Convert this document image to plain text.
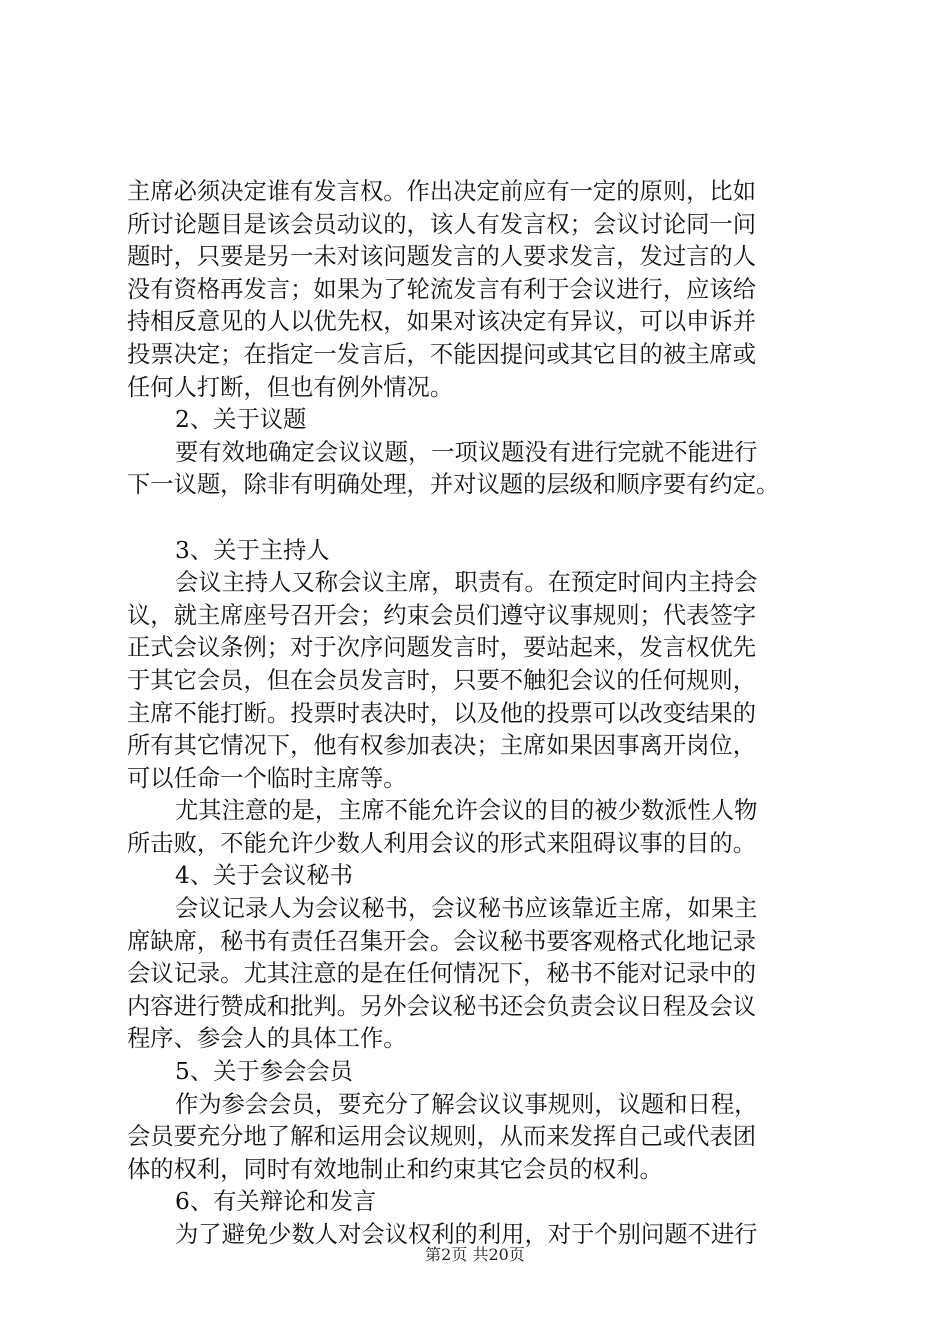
主席必须决定谁有发言权。作出决定前应有一定的原则，比如
所讨论题目是该会员动议的，该人有发言权；会议讨论同一问
题时，只要是另一未对该问题发言的人要求发言，发过言的人
没有资格再发言；如果为了轮流发言有利于会议进行，应该给
持相反意见的人以优先权，如果对该决定有异议，可以申诉并
投票决定；在指定一发言后，不能因提问或其它目的被主席或
任何人打断，但也有例外情况。
2、关于议题
要有效地确定会议议题，一项议题没有进行完就不能进行
下一议题，除非有明确处理，并对议题的层级和顺序要有约定。
3、关于主持人
会议主持人又称会议主席，职责有。在预定时间内主持会
议，就主席座号召开会；约束会员们遵守议事规则；代表签字
正式会议条例；对于次序问题发言时，要站起来，发言权优先
于其它会员，但在会员发言时，只要不触犯会议的任何规则，
主席不能打断。投票时表决时，以及他的投票可以改变结果的
所有其它情况下，他有权参加表决；主席如果因事离开岗位，
可以任命一个临时主席等。
尤其注意的是，主席不能允许会议的目的被少数派性人物
所击败，不能允许少数人利用会议的形式来阻碍议事的目的。
4、关于会议秘书
会议记录人为会议秘书，会议秘书应该靠近主席，如果主
席缺席，秘书有责任召集开会。会议秘书要客观格式化地记录
会议记录。尤其注意的是在任何情况下，秘书不能对记录中的
内容进行赞成和批判。另外会议秘书还会负责会议日程及会议
程序、参会人的具体工作。
5、关于参会会员
作为参会会员，要充分了解会议议事规则，议题和日程，
会员要充分地了解和运用会议规则，从而来发挥自己或代表团
体的权利，同时有效地制止和约束其它会员的权利。
6、有关辩论和发言
为了避免少数人对会议权利的利用，对于个别问题不进行
第2页 共20页
